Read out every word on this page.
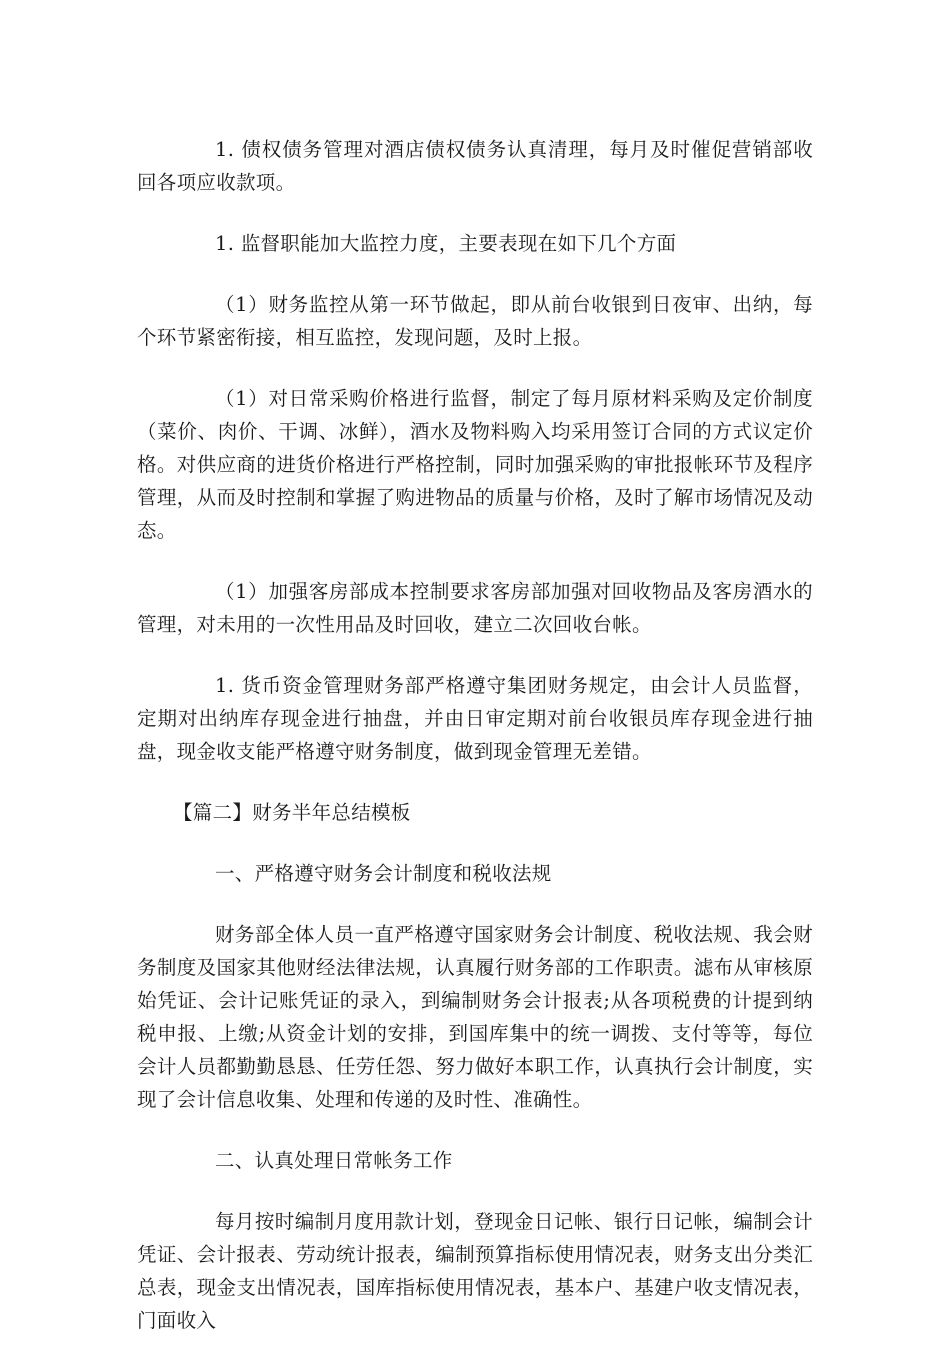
1. 债权债务管理对酒店债权债务认真清理，每月及时催促营销部收回各项应收款项。

1. 监督职能加大监控力度，主要表现在如下几个方面

（1）财务监控从第一环节做起，即从前台收银到日夜审、出纳，每个环节紧密衔接，相互监控，发现问题，及时上报。

（1）对日常采购价格进行监督，制定了每月原材料采购及定价制度（菜价、肉价、干调、冰鲜），酒水及物料购入均采用签订合同的方式议定价格。对供应商的进货价格进行严格控制，同时加强采购的审批报帐环节及程序管理，从而及时控制和掌握了购进物品的质量与价格，及时了解市场情况及动态。

（1）加强客房部成本控制要求客房部加强对回收物品及客房酒水的管理，对未用的一次性用品及时回收，建立二次回收台帐。

1. 货币资金管理财务部严格遵守集团财务规定，由会计人员监督，定期对出纳库存现金进行抽盘，并由日审定期对前台收银员库存现金进行抽盘，现金收支能严格遵守财务制度，做到现金管理无差错。

【篇二】财务半年总结模板

一、严格遵守财务会计制度和税收法规

财务部全体人员一直严格遵守国家财务会计制度、税收法规、我会财务制度及国家其他财经法律法规，认真履行财务部的工作职责。滤布从审核原始凭证、会计记账凭证的录入，到编制财务会计报表;从各项税费的计提到纳税申报、上缴;从资金计划的安排，到国库集中的统一调拨、支付等等，每位会计人员都勤勤恳恳、任劳任怨、努力做好本职工作，认真执行会计制度，实现了会计信息收集、处理和传递的及时性、准确性。

二、认真处理日常帐务工作

每月按时编制月度用款计划，登现金日记帐、银行日记帐，编制会计凭证、会计报表、劳动统计报表，编制预算指标使用情况表，财务支出分类汇总表，现金支出情况表，国库指标使用情况表，基本户、基建户收支情况表，门面收入
